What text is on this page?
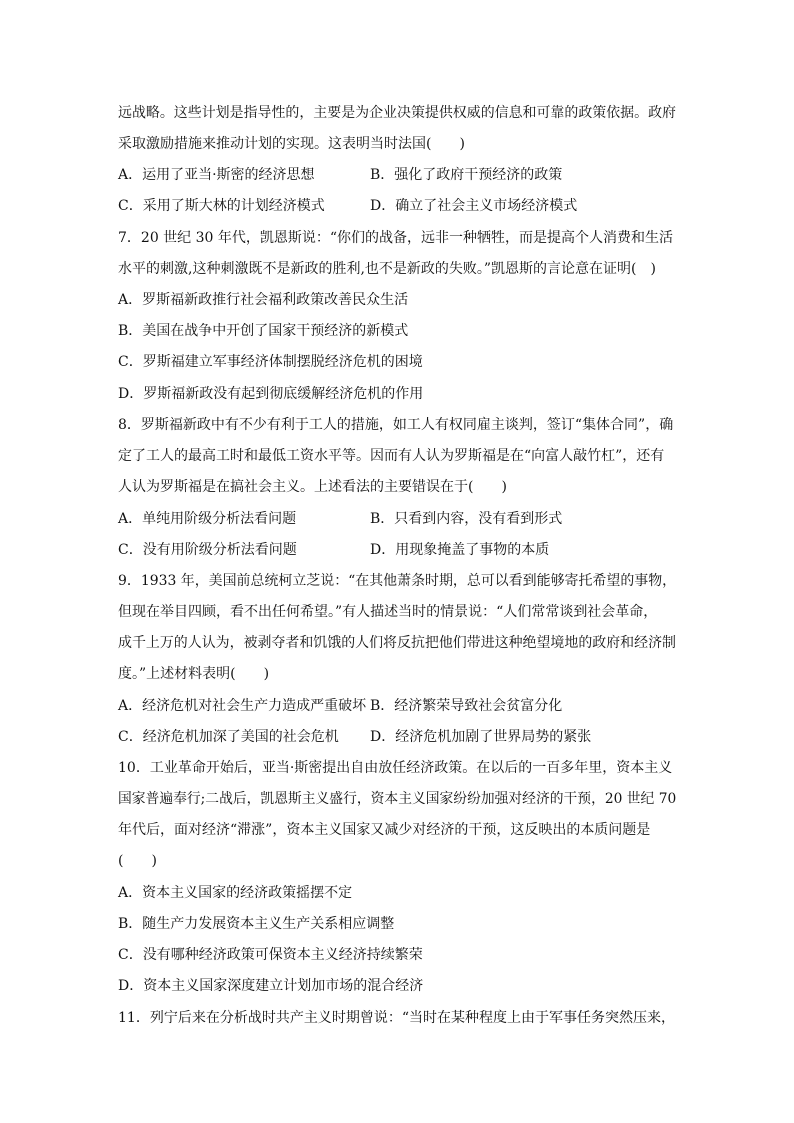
远战略。这些计划是指导性的，主要是为企业决策提供权威的信息和可靠的政策依据。政府
采取激励措施来推动计划的实现。这表明当时法国(　　)
A．运用了亚当·斯密的经济思想	B．强化了政府干预经济的政策
C．采用了斯大林的计划经济模式	D．确立了社会主义市场经济模式
7．20 世纪 30 年代，凯恩斯说：“你们的战备，远非一种牺牲，而是提高个人消费和生活
水平的刺激,这种刺激既不是新政的胜利,也不是新政的失败。”凯恩斯的言论意在证明(　)
A．罗斯福新政推行社会福利政策改善民众生活
B．美国在战争中开创了国家干预经济的新模式
C．罗斯福建立军事经济体制摆脱经济危机的困境
D．罗斯福新政没有起到彻底缓解经济危机的作用
8．罗斯福新政中有不少有利于工人的措施，如工人有权同雇主谈判，签订“集体合同”，确
定了工人的最高工时和最低工资水平等。因而有人认为罗斯福是在“向富人敲竹杠”，还有
人认为罗斯福是在搞社会主义。上述看法的主要错误在于(　　)
A．单纯用阶级分析法看问题	B．只看到内容，没有看到形式
C．没有用阶级分析法看问题	D．用现象掩盖了事物的本质
9．1933 年，美国前总统柯立芝说：“在其他萧条时期，总可以看到能够寄托希望的事物，
但现在举目四顾，看不出任何希望。”有人描述当时的情景说：“人们常常谈到社会革命，
成千上万的人认为，被剥夺者和饥饿的人们将反抗把他们带进这种绝望境地的政府和经济制
度。”上述材料表明(　　)
A．经济危机对社会生产力造成严重破坏 B．经济繁荣导致社会贫富分化
C．经济危机加深了美国的社会危机 D．经济危机加剧了世界局势的紧张
10．工业革命开始后，亚当·斯密提出自由放任经济政策。在以后的一百多年里，资本主义
国家普遍奉行;二战后，凯恩斯主义盛行，资本主义国家纷纷加强对经济的干预，20 世纪 70
年代后，面对经济“滞涨”，资本主义国家又减少对经济的干预，这反映出的本质问题是
(　　)
A．资本主义国家的经济政策摇摆不定
B．随生产力发展资本主义生产关系相应调整
C．没有哪种经济政策可保资本主义经济持续繁荣
D．资本主义国家深度建立计划加市场的混合经济
11．列宁后来在分析战时共产主义时期曾说：“当时在某种程度上由于军事任务突然压来，
